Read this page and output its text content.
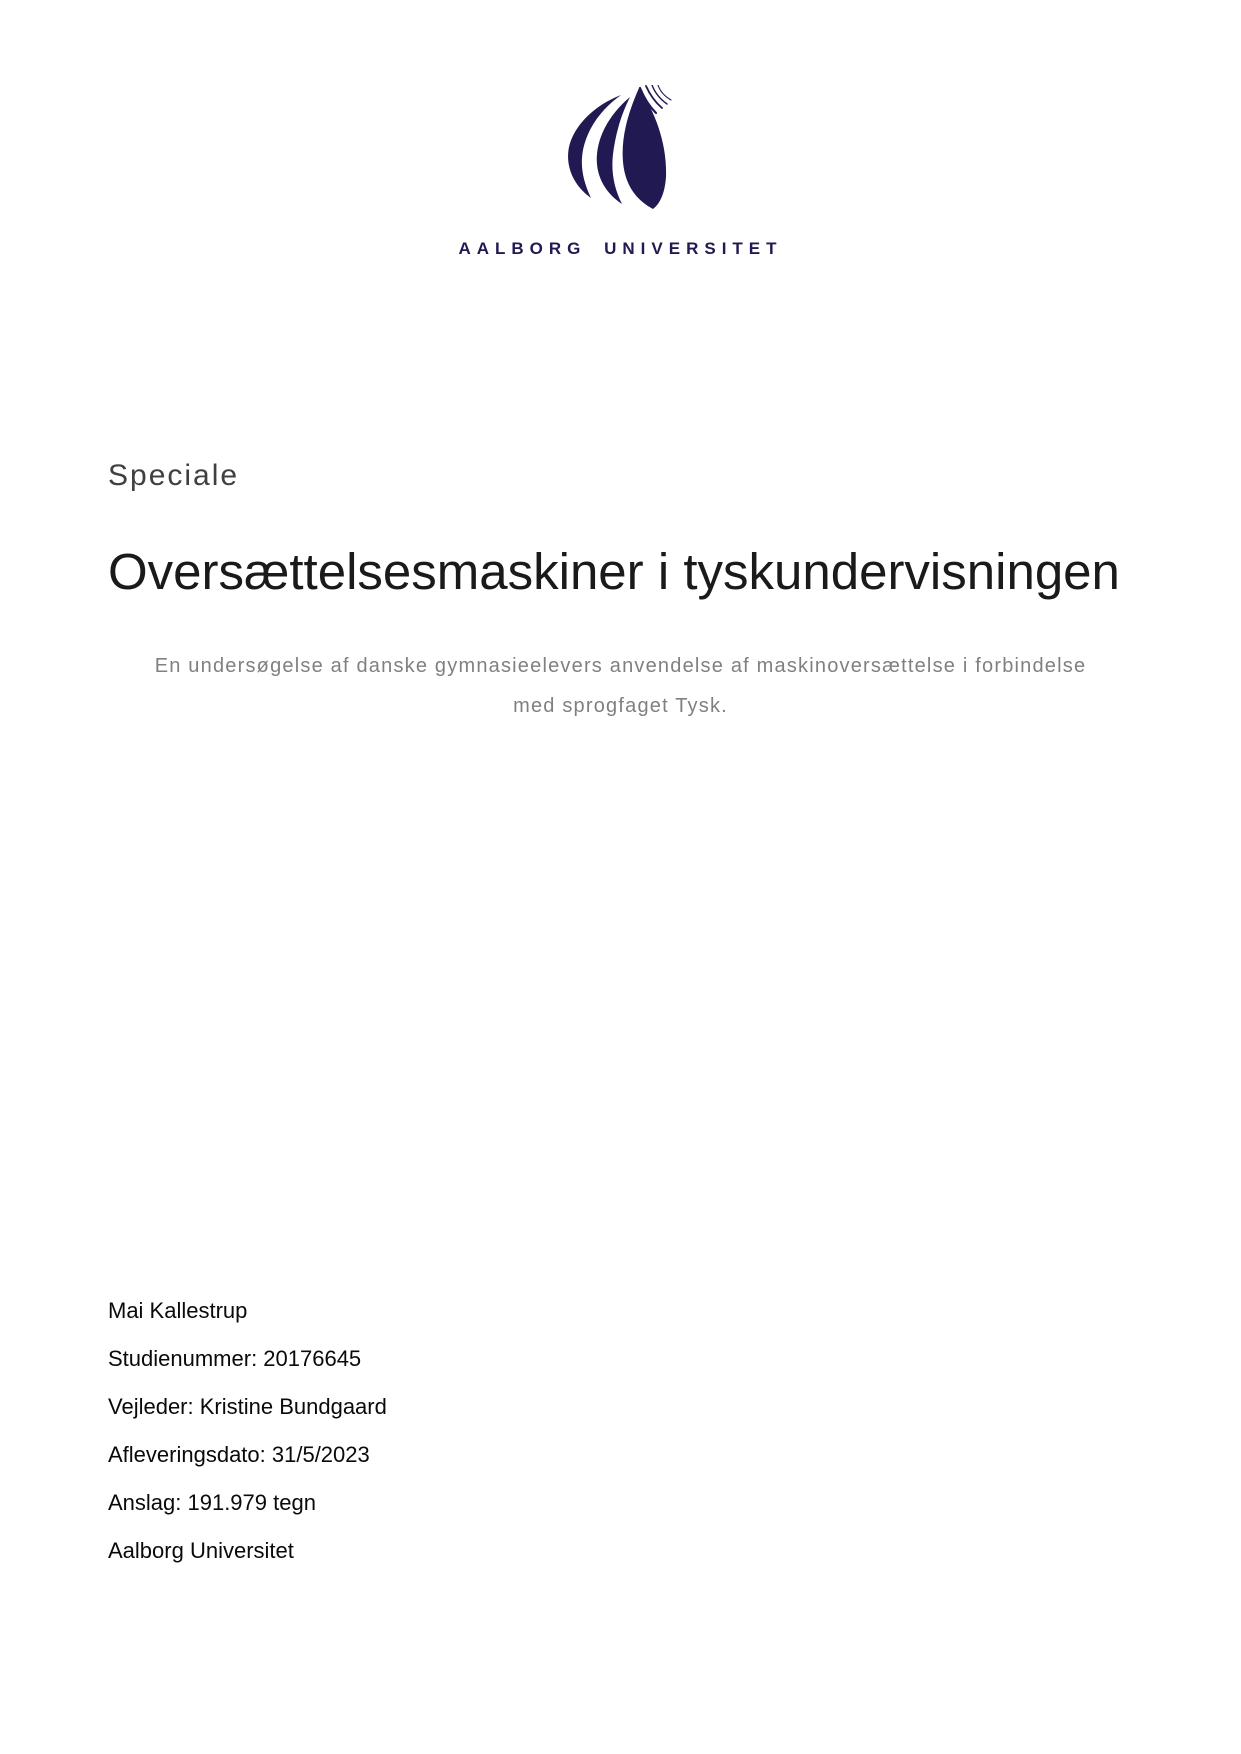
AALBORG UNIVERSITET
Speciale
Oversættelsesmaskiner i tyskundervisningen
En undersøgelse af danske gymnasieelevers anvendelse af maskinoversættelse i forbindelse
med sprogfaget Tysk.
Mai Kallestrup
Studienummer: 20176645
Vejleder: Kristine Bundgaard
Afleveringsdato: 31/5/2023
Anslag: 191.979 tegn
Aalborg Universitet
